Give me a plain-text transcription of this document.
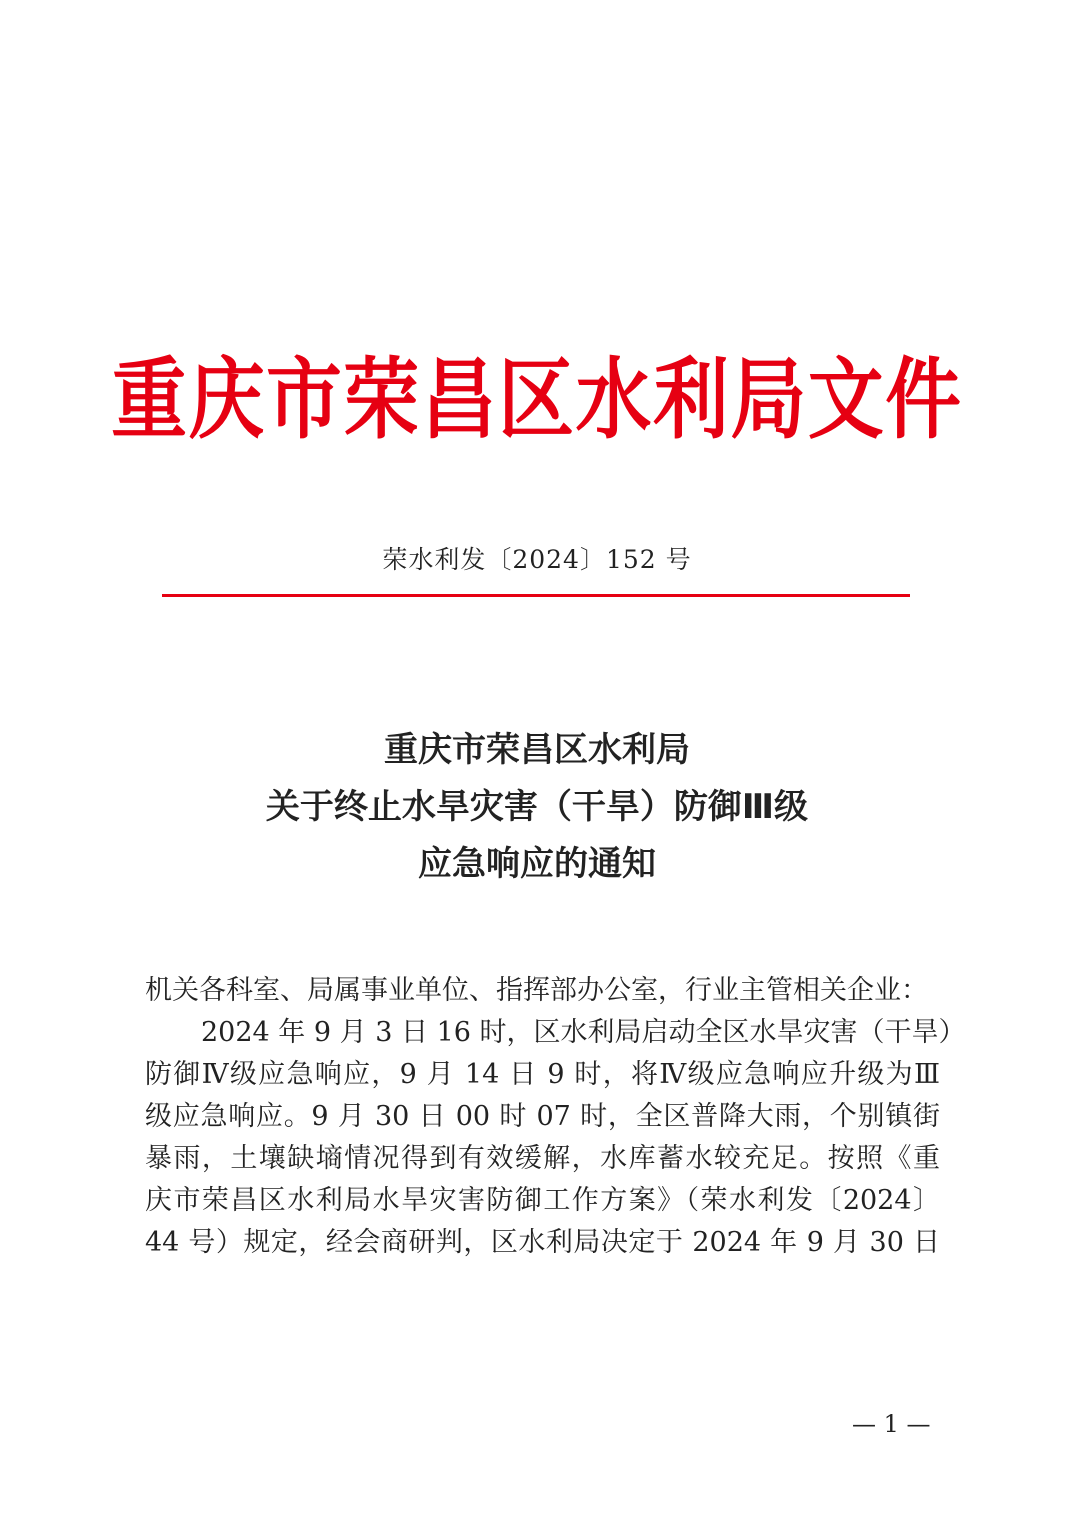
重庆市荣昌区水利局文件
荣水利发〔2024〕152 号
重庆市荣昌区水利局
关于终止水旱灾害（干旱）防御Ⅲ级
应急响应的通知
机关各科室、局属事业单位、指挥部办公室，行业主管相关企业：
2024 年 9 月 3 日 16 时，区水利局启动全区水旱灾害（干旱）
防御Ⅳ级应急响应，9 月 14 日 9 时，将Ⅳ级应急响应升级为Ⅲ
级应急响应。9 月 30 日 00 时 07 时，全区普降大雨，个别镇街
暴雨，土壤缺墒情况得到有效缓解，水库蓄水较充足。按照《重
庆市荣昌区水利局水旱灾害防御工作方案》（荣水利发〔2024〕
44 号）规定，经会商研判，区水利局决定于 2024 年 9 月 30 日
— 1 —
